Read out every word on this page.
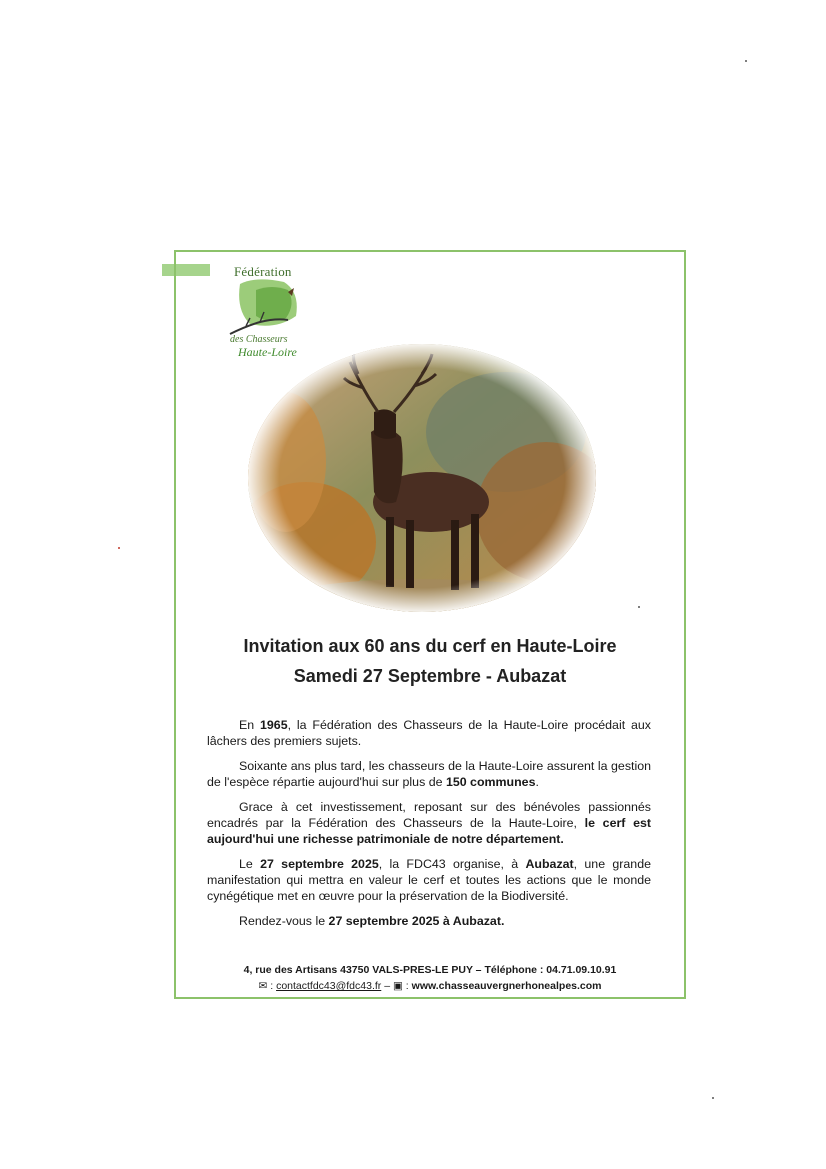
Fédération
des Chasseurs
Haute-Loire
Invitation aux 60 ans du cerf en Haute-Loire
Samedi 27 Septembre - Aubazat

En 1965, la Fédération des Chasseurs de la Haute-Loire procédait aux lâchers des premiers sujets.

Soixante ans plus tard, les chasseurs de la Haute-Loire assurent la gestion de l'espèce répartie aujourd'hui sur plus de 150 communes.

Grace à cet investissement, reposant sur des bénévoles passionnés encadrés par la Fédération des Chasseurs de la Haute-Loire, le cerf est aujourd'hui une richesse patrimoniale de notre département.

Le 27 septembre 2025, la FDC43 organise, à Aubazat, une grande manifestation qui mettra en valeur le cerf et toutes les actions que le monde cynégétique met en œuvre pour la préservation de la Biodiversité.

Rendez-vous le 27 septembre 2025 à Aubazat.

4, rue des Artisans 43750 VALS-PRES-LE PUY – Téléphone : 04.71.09.10.91
✉ : contactfdc43@fdc43.fr – ▣ : www.chasseauvergnerhonealpes.com
